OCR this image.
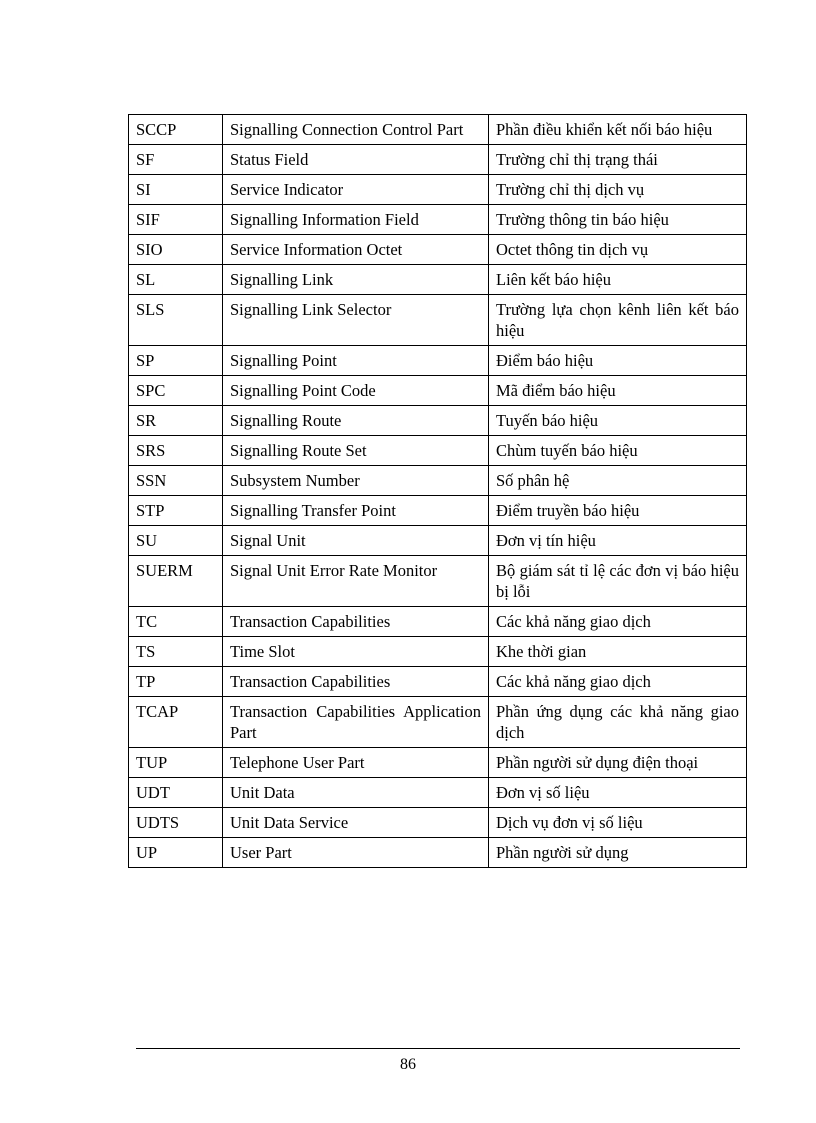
SCCP	Signalling Connection Control Part	Phần điều khiển kết nối báo hiệu
SF	Status Field	Trường chỉ thị trạng thái
SI	Service Indicator	Trường chỉ thị dịch vụ
SIF	Signalling Information Field	Trường thông tin báo hiệu
SIO	Service Information Octet	Octet thông tin dịch vụ
SL	Signalling Link	Liên kết báo hiệu
SLS	Signalling Link Selector	Trường lựa chọn kênh liên kết báo hiệu
SP	Signalling Point	Điểm báo hiệu
SPC	Signalling Point Code	Mã điểm báo hiệu
SR	Signalling Route	Tuyến báo hiệu
SRS	Signalling Route Set	Chùm tuyến báo hiệu
SSN	Subsystem Number	Số phân hệ
STP	Signalling Transfer Point	Điểm truyền báo hiệu
SU	Signal Unit	Đơn vị tín hiệu
SUERM	Signal Unit Error Rate Monitor	Bộ giám sát tỉ lệ các đơn vị báo hiệu bị lỗi
TC	Transaction Capabilities	Các khả năng giao dịch
TS	Time Slot	Khe thời gian
TP	Transaction Capabilities	Các khả năng giao dịch
TCAP	Transaction Capabilities Application Part	Phần ứng dụng các khả năng giao dịch
TUP	Telephone User Part	Phần người sử dụng điện thoại
UDT	Unit Data	Đơn vị số liệu
UDTS	Unit Data Service	Dịch vụ đơn vị số liệu
UP	User Part	Phần người sử dụng
86
